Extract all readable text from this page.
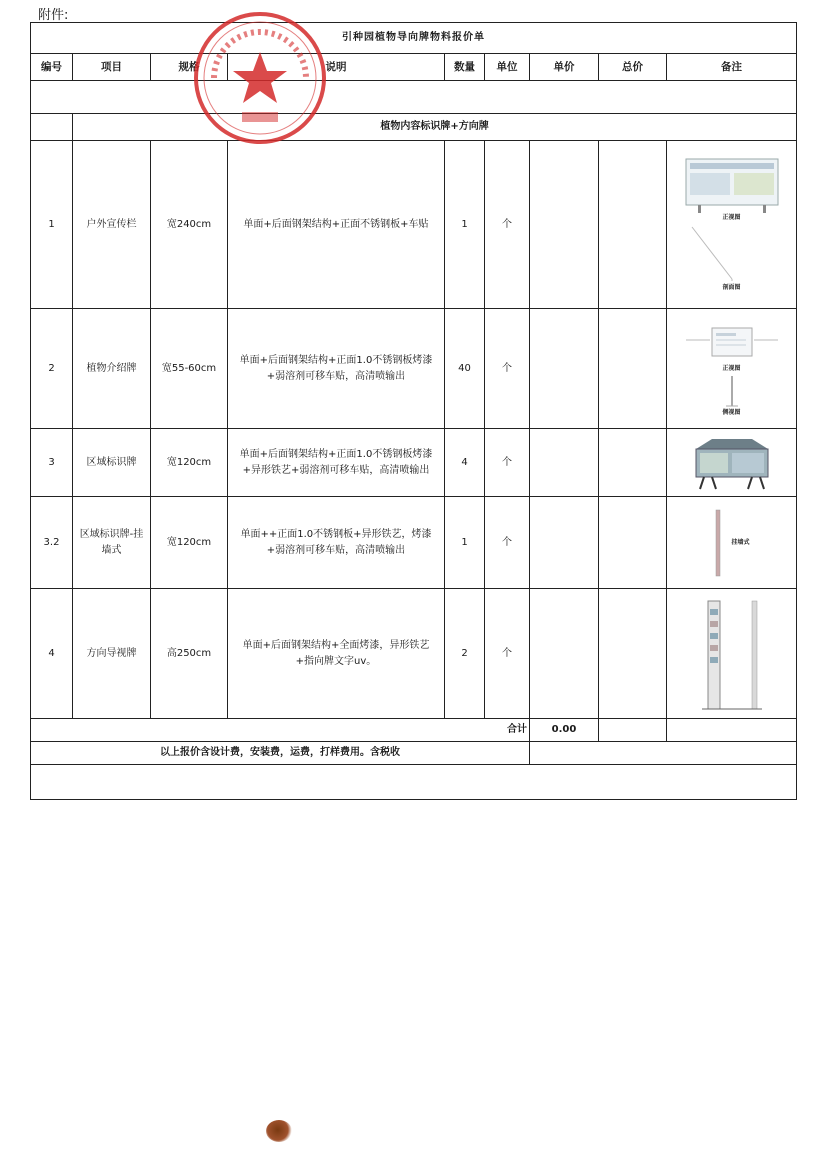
附件:
引种园植物导向牌物料报价单								
编号	项目	规格	说明	数量	单位	单价	总价	备注

	植物内容标识牌+方向牌							
1	户外宣传栏	宽240cm	单面+后面钢架结构+正面不锈钢板+车贴	1	个			正视图
剖面图

2	植物介绍牌	宽55-60cm	单面+后面钢架结构+正面1.0不锈钢板烤漆+弱溶剂可移车贴，高清喷输出	40	个			正视图
侧视图

3	区域标识牌	宽120cm	单面+后面钢架结构+正面1.0不锈钢板烤漆+异形铁艺+弱溶剂可移车贴，高清喷输出	4	个			

3.2	区域标识牌-挂墙式	宽120cm	单面++正面1.0不锈钢板+异形铁艺，烤漆+弱溶剂可移车贴，高清喷输出	1	个			挂墙式

4	方向导视牌	高250cm	单面+后面钢架结构+全面烤漆，异形铁艺+指向牌文字uv。	2	个			

合计						0.00		
以上报价含设计费，安装费，运费，打样费用。含税收								
